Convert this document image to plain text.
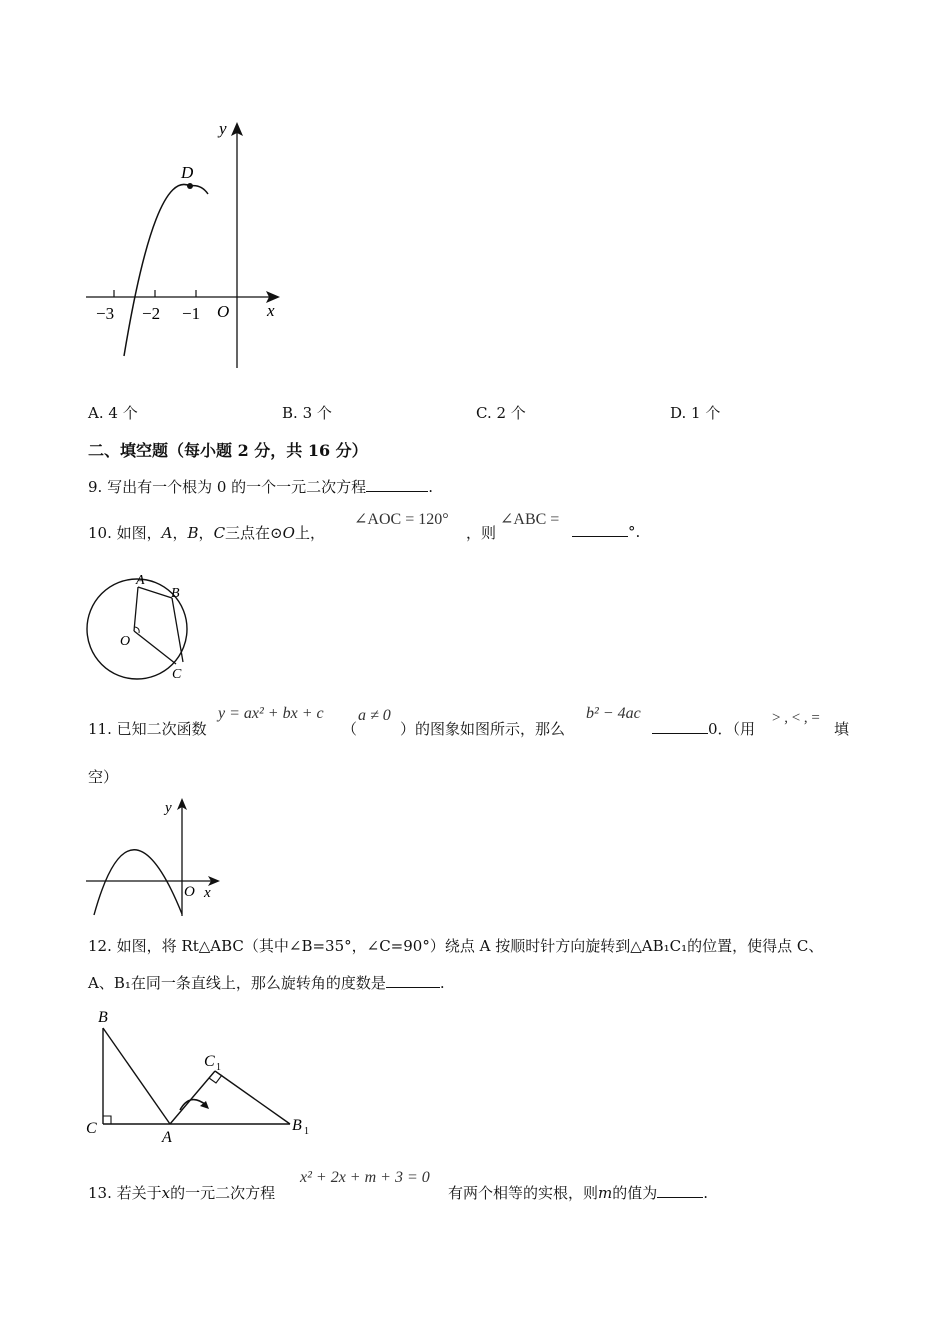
D
y
x
O
−3 −2 −1
A. 4 个	B. 3 个	C. 2 个	D. 1 个
二、填空题（每小题 2 分，共 16 分）
9. 写出有一个根为 0 的一个一元二次方程	.
10. 如图，A，B，C三点在⊙O上，
∠AOC = 120°
，则
∠ABC =
°.
A
B
O
C
11. 已知二次函数
y = ax² + bx + c
（
a ≠ 0
）的图象如图所示，那么
b² − 4ac
0．（用
> , < , =
填
空）
y
O x
12. 如图，将 Rt△ABC（其中∠B=35°，∠C=90°）绕点 A 按顺时针方向旋转到△AB₁C₁的位置，使得点 C、
A、B₁在同一条直线上，那么旋转角的度数是	.
B
C
A
C 1
B 1
13. 若关于x的一元二次方程
x² + 2x + m + 3 = 0
有两个相等的实根，则m的值为	.
